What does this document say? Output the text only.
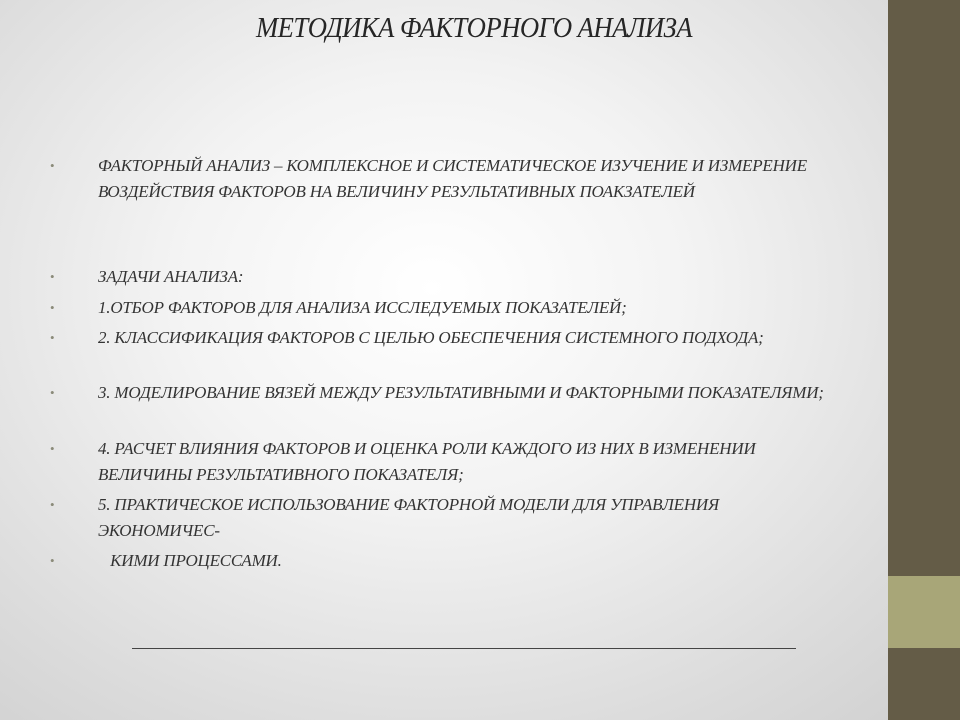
МЕТОДИКА ФАКТОРНОГО АНАЛИЗА
•	ФАКТОРНЫЙ АНАЛИЗ – КОМПЛЕКСНОЕ И СИСТЕМАТИЧЕСКОЕ ИЗУЧЕНИЕ И ИЗМЕРЕНИЕ     ВОЗДЕЙСТВИЯ ФАКТОРОВ НА ВЕЛИЧИНУ РЕЗУЛЬТАТИВНЫХ ПОАКЗАТЕЛЕЙ
•	ЗАДАЧИ АНАЛИЗА:
•	1.ОТБОР ФАКТОРОВ ДЛЯ АНАЛИЗА ИССЛЕДУЕМЫХ ПОКАЗАТЕЛЕЙ;
•	2. КЛАССИФИКАЦИЯ ФАКТОРОВ С ЦЕЛЬЮ ОБЕСПЕЧЕНИЯ СИСТЕМНОГО ПОДХОДА;
•	3. МОДЕЛИРОВАНИЕ ВЯЗЕЙ МЕЖДУ РЕЗУЛЬТАТИВНЫМИ И ФАКТОРНЫМИ ПОКАЗАТЕЛЯМИ;
•	4. РАСЧЕТ ВЛИЯНИЯ ФАКТОРОВ И ОЦЕНКА РОЛИ КАЖДОГО ИЗ НИХ В ИЗМЕНЕНИИ ВЕЛИЧИНЫ РЕЗУЛЬТАТИВНОГО ПОКАЗАТЕЛЯ;
•	5. ПРАКТИЧЕСКОЕ ИСПОЛЬЗОВАНИЕ ФАКТОРНОЙ МОДЕЛИ ДЛЯ УПРАВЛЕНИЯ ЭКОНОМИЧЕС-
•	КИМИ ПРОЦЕССАМИ.
